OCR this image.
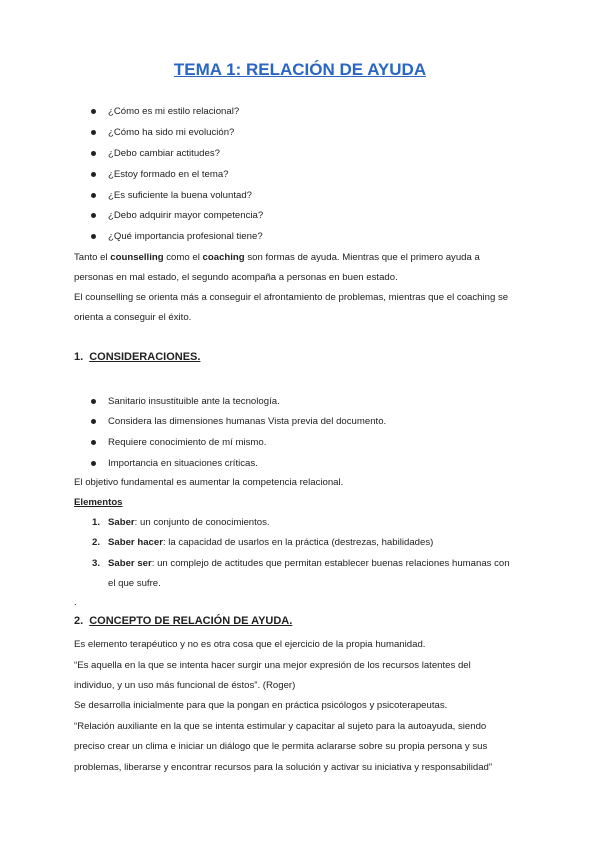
TEMA 1: RELACIÓN DE AYUDA
¿Cómo es mi estilo relacional?
¿Cómo ha sido mi evolución?
¿Debo cambiar actitudes?
¿Estoy formado en el tema?
¿Es suficiente la buena voluntad?
¿Debo adquirir mayor competencia?
¿Qué importancia profesional tiene?
Tanto el counselling como el coaching son formas de ayuda. Mientras que el primero ayuda a
personas en mal estado, el segundo acompaña a personas en buen estado.
El counselling se orienta más a conseguir el afrontamiento de problemas, mientras que el coaching se
orienta a conseguir el éxito.
1. CONSIDERACIONES.
Sanitario insustituible ante la tecnología.
Considera las dimensiones humanas Vista previa del documento.
Requiere conocimiento de mí mismo.
Importancia en situaciones críticas.
El objetivo fundamental es aumentar la competencia relacional.
Elementos
1. Saber: un conjunto de conocimientos.
2. Saber hacer: la capacidad de usarlos en la práctica (destrezas, habilidades)
3. Saber ser: un complejo de actitudes que permitan establecer buenas relaciones humanas con
el que sufre.
.
2. CONCEPTO DE RELACIÓN DE AYUDA.
Es elemento terapéutico y no es otra cosa que el ejercicio de la propia humanidad.
“Es aquella en la que se intenta hacer surgir una mejor expresión de los recursos latentes del
individuo, y un uso más funcional de éstos”. (Roger)
Se desarrolla inicialmente para que la pongan en práctica psicólogos y psicoterapeutas.
“Relación auxiliante en la que se intenta estimular y capacitar al sujeto para la autoayuda, siendo
preciso crear un clima e iniciar un diálogo que le permita aclararse sobre su propia persona y sus
problemas, liberarse y encontrar recursos para la solución y activar su iniciativa y responsabilidad”
